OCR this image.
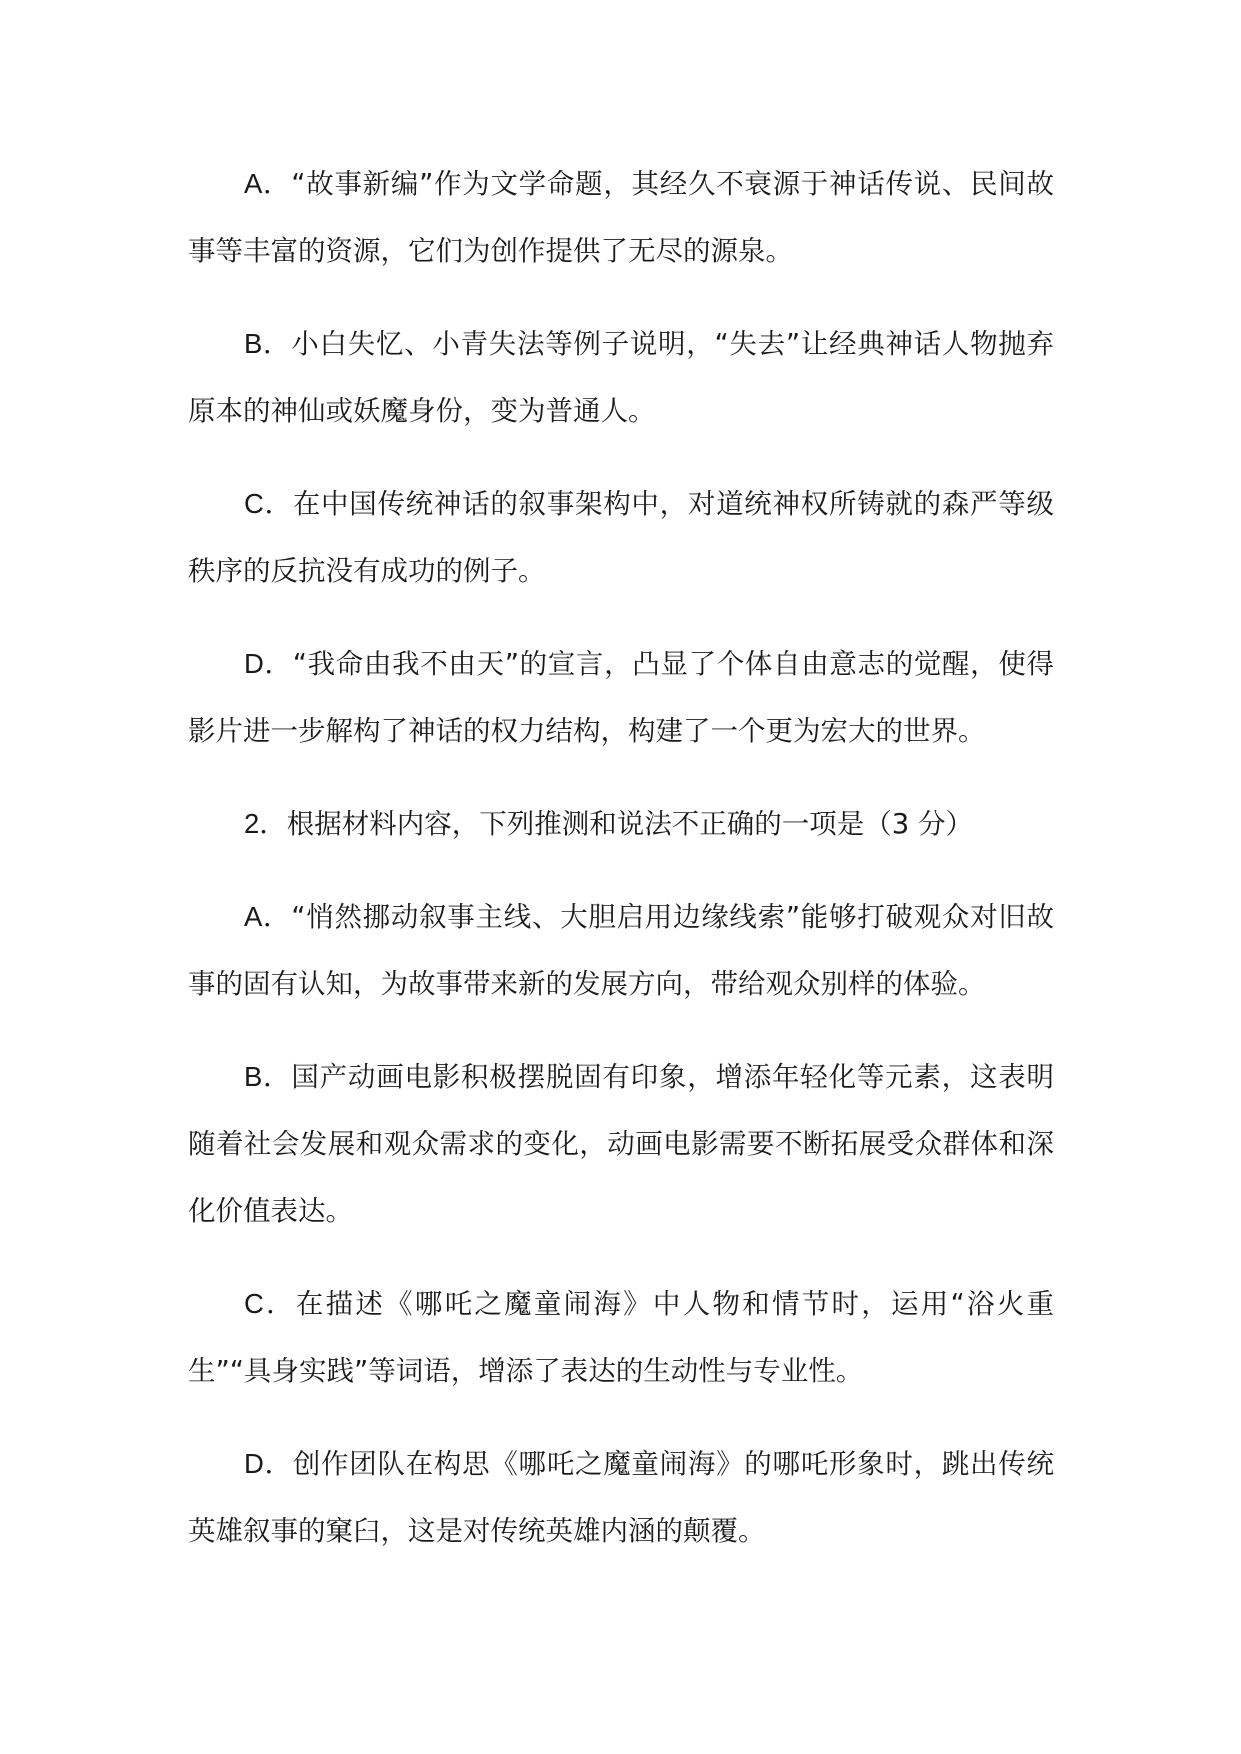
A．“故事新编”作为文学命题，其经久不衰源于神话传说、民间故事等丰富的资源，它们为创作提供了无尽的源泉。

B．小白失忆、小青失法等例子说明，“失去”让经典神话人物抛弃原本的神仙或妖魔身份，变为普通人。

C．在中国传统神话的叙事架构中，对道统神权所铸就的森严等级秩序的反抗没有成功的例子。

D．“我命由我不由天”的宣言，凸显了个体自由意志的觉醒，使得影片进一步解构了神话的权力结构，构建了一个更为宏大的世界。

2．根据材料内容，下列推测和说法不正确的一项是（3 分）

A．“悄然挪动叙事主线、大胆启用边缘线索”能够打破观众对旧故事的固有认知，为故事带来新的发展方向，带给观众别样的体验。

B．国产动画电影积极摆脱固有印象，增添年轻化等元素，这表明随着社会发展和观众需求的变化，动画电影需要不断拓展受众群体和深化价值表达。

C．在描述《哪吒之魔童闹海》中人物和情节时，运用“浴火重生”“具身实践”等词语，增添了表达的生动性与专业性。

D．创作团队在构思《哪吒之魔童闹海》的哪吒形象时，跳出传统英雄叙事的窠臼，这是对传统英雄内涵的颠覆。
